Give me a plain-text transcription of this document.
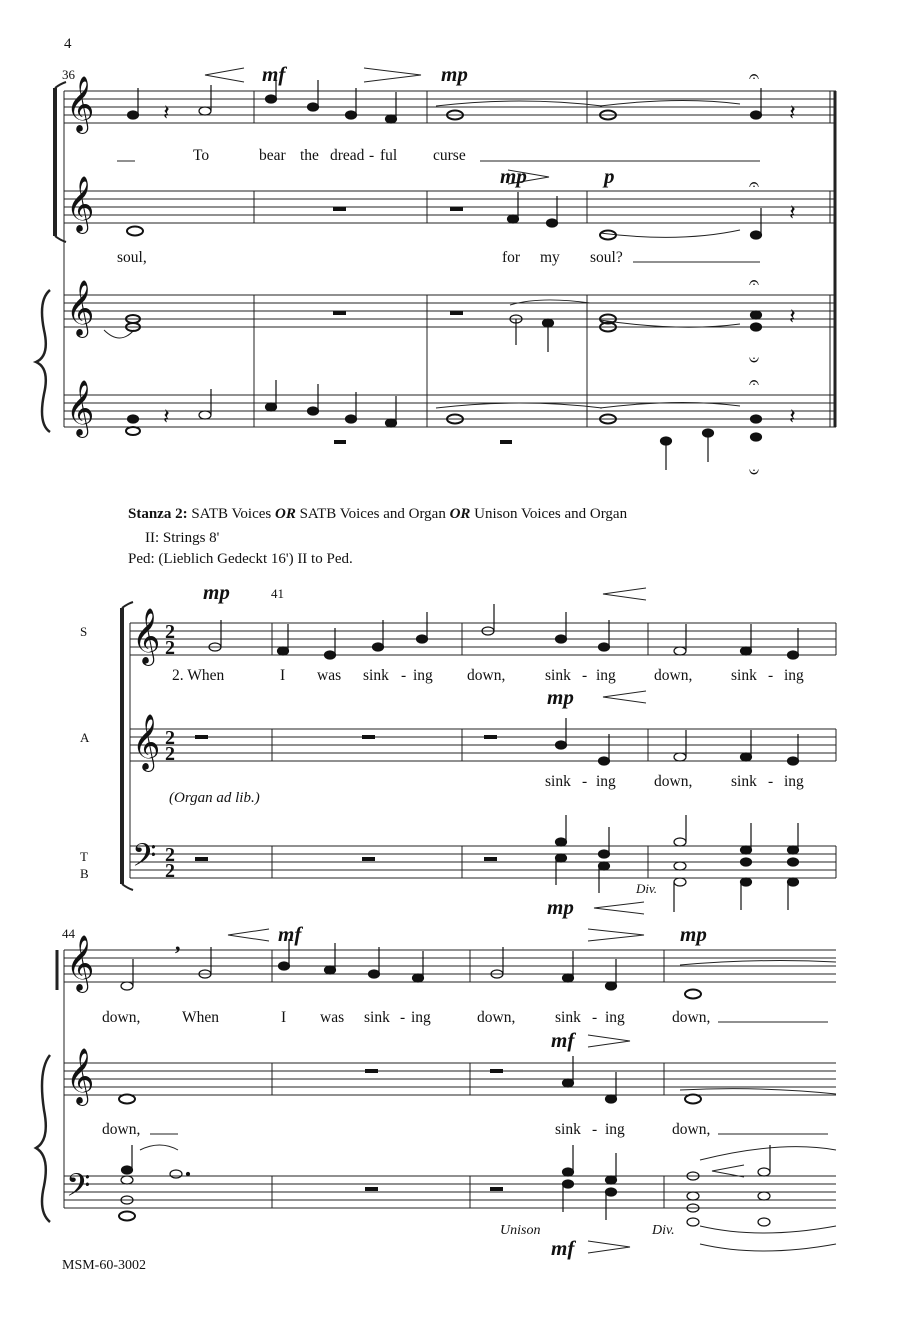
𝄞
𝄞
𝄞
𝄞
𝄞
𝄞
𝄢
𝄞
𝄞
𝄢
2
2
2
2
2
2
𝄽	𝄽
𝄽
𝄽
𝄽	𝄽
𝄐
𝄐
𝄐
𝄐
𝄑
𝄑
,
4
36	mf	mp
mp	p
To	bear the dread - ful curse
soul,	for my soul?
Stanza 2: SATB Voices OR SATB Voices and Organ OR Unison Voices and Organ
II: Strings 8'
Ped: (Lieblich Gedeckt 16') II to Ped.
41
mp
mp
mp
S
A
T
B
2. When	I was sink - ing down,	sink - ing down, sink - ing
sink - ing down, sink - ing
(Organ ad lib.)
Div.
44	mf	mp
mf
mf
down,	When	I was sink - ing	down,	sink - ing	down,
down,	sink - ing	down,
Unison	Div.
MSM-60-3002
